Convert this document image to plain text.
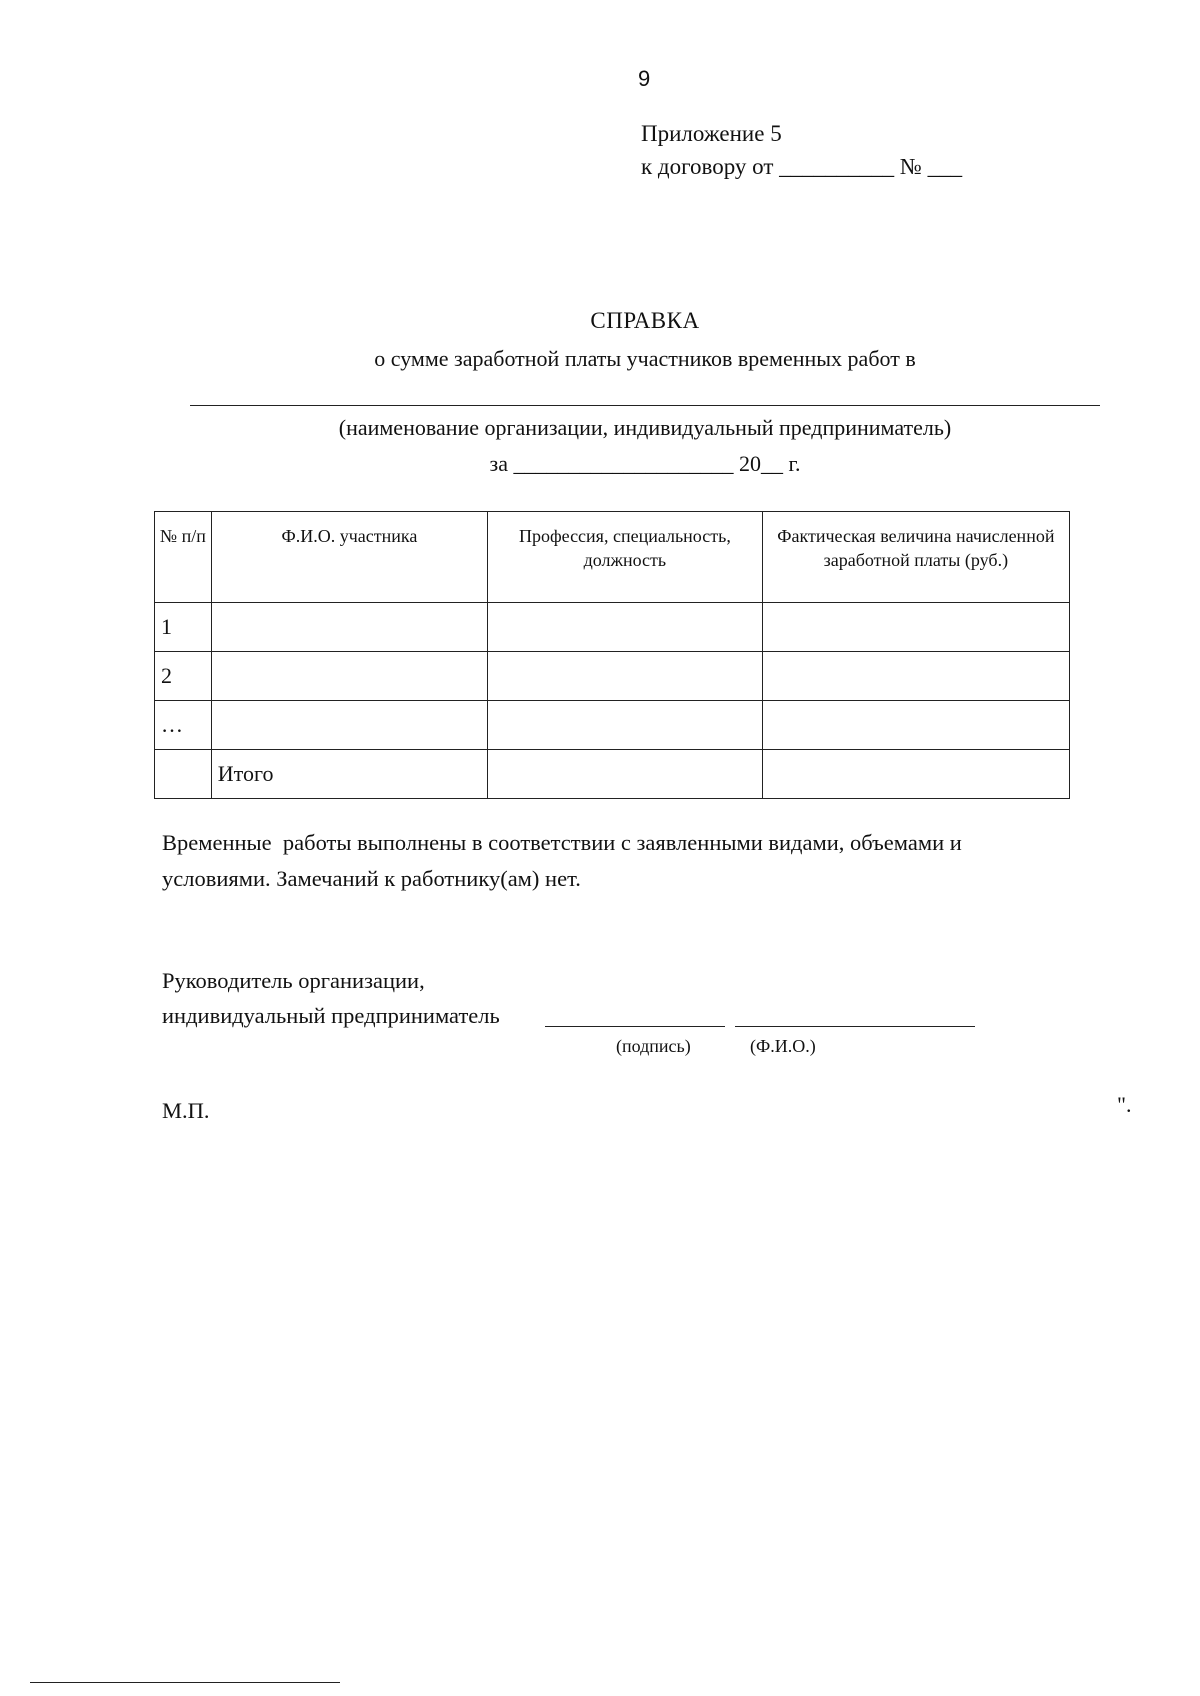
9
Приложение 5
к договору от __________ № ___
СПРАВКА
о сумме заработной платы участников временных работ в
(наименование организации, индивидуальный предприниматель)
за ____________________ 20__ г.
№ п/п	Ф.И.О. участника	Профессия, специальность, должность	Фактическая величина начисленной заработной платы (руб.)
1			
2			
…			
	Итого		
Временные  работы выполнены в соответствии с заявленными видами, объемами и
условиями. Замечаний к работнику(ам) нет.
Руководитель организации,
индивидуальный предприниматель
(подпись)	(Ф.И.О.)
М.П.	".
